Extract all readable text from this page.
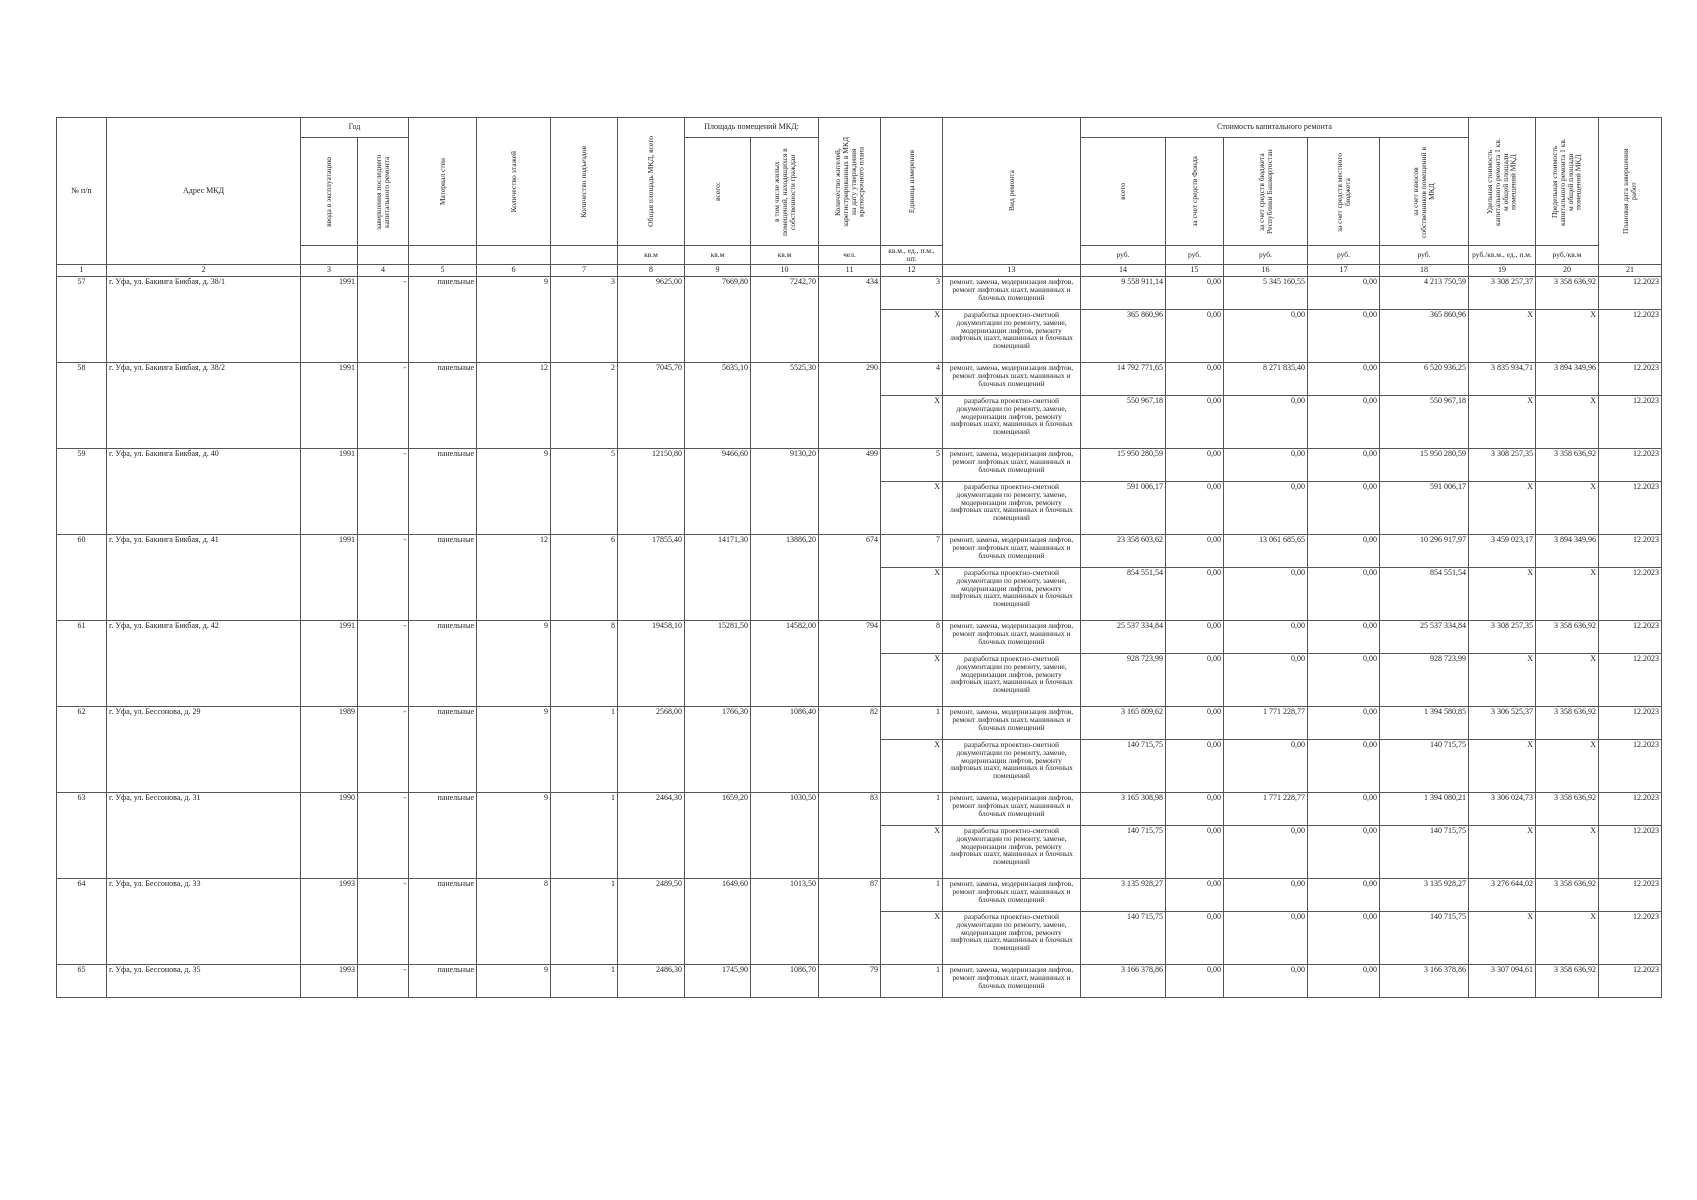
№ п/п	Адрес МКД	Год		Материал стен	Количество этажей	Количество подъездов	Общая площадь МКД, всего	Площадь помещений МКД:		Количество жителей, зарегистрированных в МКД на дату утверждения краткосрочного плана	Единица измерения	Вид ремонта	Стоимость капитального ремонта					Удельная стоимость капитального ремонта 1 кв. м общей площади помещений МКД	Предельная стоимость капитального ремонта 1 кв. м общей площади помещений МКД	Плановая дата завершения работ

		ввода в эксплуатацию	завершения последнего капитального ремонта					всего:	в том числе жилых помещений, находящихся в собственности граждан				всего	за счет средств Фонда	за счет средств бюджета Республики Башкортостан	за счет средств местного бюджета	за счет взносов собственников помещений в МКД			

							кв.м	кв.м	кв.м	чел.	кв.м., ед., п.м., шт.		руб.	руб.	руб.	руб.	руб.	руб./кв.м., ед., п.м.	руб./кв.м	
1	2	3	4	5	6	7	8	9	10	11	12	13	14	15	16	17	18	19	20	21
57	г. Уфа, ул. Бакиига Бикбая, д. 38/1	1991	-	панельные	9	3	9625,00	7669,80	7242,70	434	3	ремонт, замена, модернизация лифтов, ремонт лифтовых шахт, машинных и блочных помещений	9 558 911,14	0,00	5 345 160,55	0,00	4 213 750,59	3 308 257,37	3 358 636,92	12.2023
											X	разработка проектно-сметной документации по ремонту, замене, модернизации лифтов, ремонту лифтовых шахт, машинных и блочных помещений	365 860,96	0,00	0,00	0,00	365 860,96	X	X	12.2023
58	г. Уфа, ул. Бакиига Бикбая, д. 38/2	1991	-	панельные	12	2	7045,70	5635,10	5525,30	290	4	ремонт, замена, модернизация лифтов, ремонт лифтовых шахт, машинных и блочных помещений	14 792 771,65	0,00	8 271 835,40	0,00	6 520 936,25	3 835 934,71	3 894 349,96	12.2023
											X	разработка проектно-сметной документации по ремонту, замене, модернизации лифтов, ремонту лифтовых шахт, машинных и блочных помещений	550 967,18	0,00	0,00	0,00	550 967,18	X	X	12.2023
59	г. Уфа, ул. Бакиига Бикбая, д. 40	1991	-	панельные	9	5	12150,80	9466,60	9130,20	499	5	ремонт, замена, модернизация лифтов, ремонт лифтовых шахт, машинных и блочных помещений	15 950 280,59	0,00	0,00	0,00	15 950 280,59	3 308 257,35	3 358 636,92	12.2023
											X	разработка проектно-сметной документации по ремонту, замене, модернизации лифтов, ремонту лифтовых шахт, машинных и блочных помещений	591 006,17	0,00	0,00	0,00	591 006,17	X	X	12.2023
60	г. Уфа, ул. Бакиига Бикбая, д. 41	1991	-	панельные	12	6	17855,40	14171,30	13886,20	674	7	ремонт, замена, модернизация лифтов, ремонт лифтовых шахт, машинных и блочных помещений	23 358 603,62	0,00	13 061 685,65	0,00	10 296 917,97	3 459 023,17	3 894 349,96	12.2023
											X	разработка проектно-сметной документации по ремонту, замене, модернизации лифтов, ремонту лифтовых шахт, машинных и блочных помещений	854 551,54	0,00	0,00	0,00	854 551,54	X	X	12.2023
61	г. Уфа, ул. Бакиига Бикбая, д. 42	1991	-	панельные	9	8	19458,10	15281,50	14582,00	794	8	ремонт, замена, модернизация лифтов, ремонт лифтовых шахт, машинных и блочных помещений	25 537 334,84	0,00	0,00	0,00	25 537 334,84	3 308 257,35	3 358 636,92	12.2023
											X	разработка проектно-сметной документации по ремонту, замене, модернизации лифтов, ремонту лифтовых шахт, машинных и блочных помещений	928 723,99	0,00	0,00	0,00	928 723,99	X	X	12.2023
62	г. Уфа, ул. Бессонова, д. 29	1989	-	панельные	9	1	2568,00	1766,30	1086,40	82	1	ремонт, замена, модернизация лифтов, ремонт лифтовых шахт, машинных и блочных помещений	3 165 809,62	0,00	1 771 228,77	0,00	1 394 580,85	3 306 525,37	3 358 636,92	12.2023
											X	разработка проектно-сметной документации по ремонту, замене, модернизации лифтов, ремонту лифтовых шахт, машинных и блочных помещений	140 715,75	0,00	0,00	0,00	140 715,75	X	X	12.2023
63	г. Уфа, ул. Бессонова, д. 31	1990	-	панельные	9	1	2464,30	1659,20	1030,50	83	1	ремонт, замена, модернизация лифтов, ремонт лифтовых шахт, машинных и блочных помещений	3 165 308,98	0,00	1 771 228,77	0,00	1 394 080,21	3 306 024,73	3 358 636,92	12.2023
											X	разработка проектно-сметной документации по ремонту, замене, модернизации лифтов, ремонту лифтовых шахт, машинных и блочных помещений	140 715,75	0,00	0,00	0,00	140 715,75	X	X	12.2023
64	г. Уфа, ул. Бессонова, д. 33	1993	-	панельные	8	1	2489,50	1649,60	1013,50	87	1	ремонт, замена, модернизация лифтов, ремонт лифтовых шахт, машинных и блочных помещений	3 135 928,27	0,00	0,00	0,00	3 135 928,27	3 276 644,02	3 358 636,92	12.2023
											X	разработка проектно-сметной документации по ремонту, замене, модернизации лифтов, ремонту лифтовых шахт, машинных и блочных помещений	140 715,75	0,00	0,00	0,00	140 715,75	X	X	12.2023
65	г. Уфа, ул. Бессонова, д. 35	1993	-	панельные	9	1	2486,30	1745,90	1086,70	79	1	ремонт, замена, модернизация лифтов, ремонт лифтовых шахт, машинных и блочных помещений	3 166 378,86	0,00	0,00	0,00	3 166 378,86	3 307 094,61	3 358 636,92	12.2023
